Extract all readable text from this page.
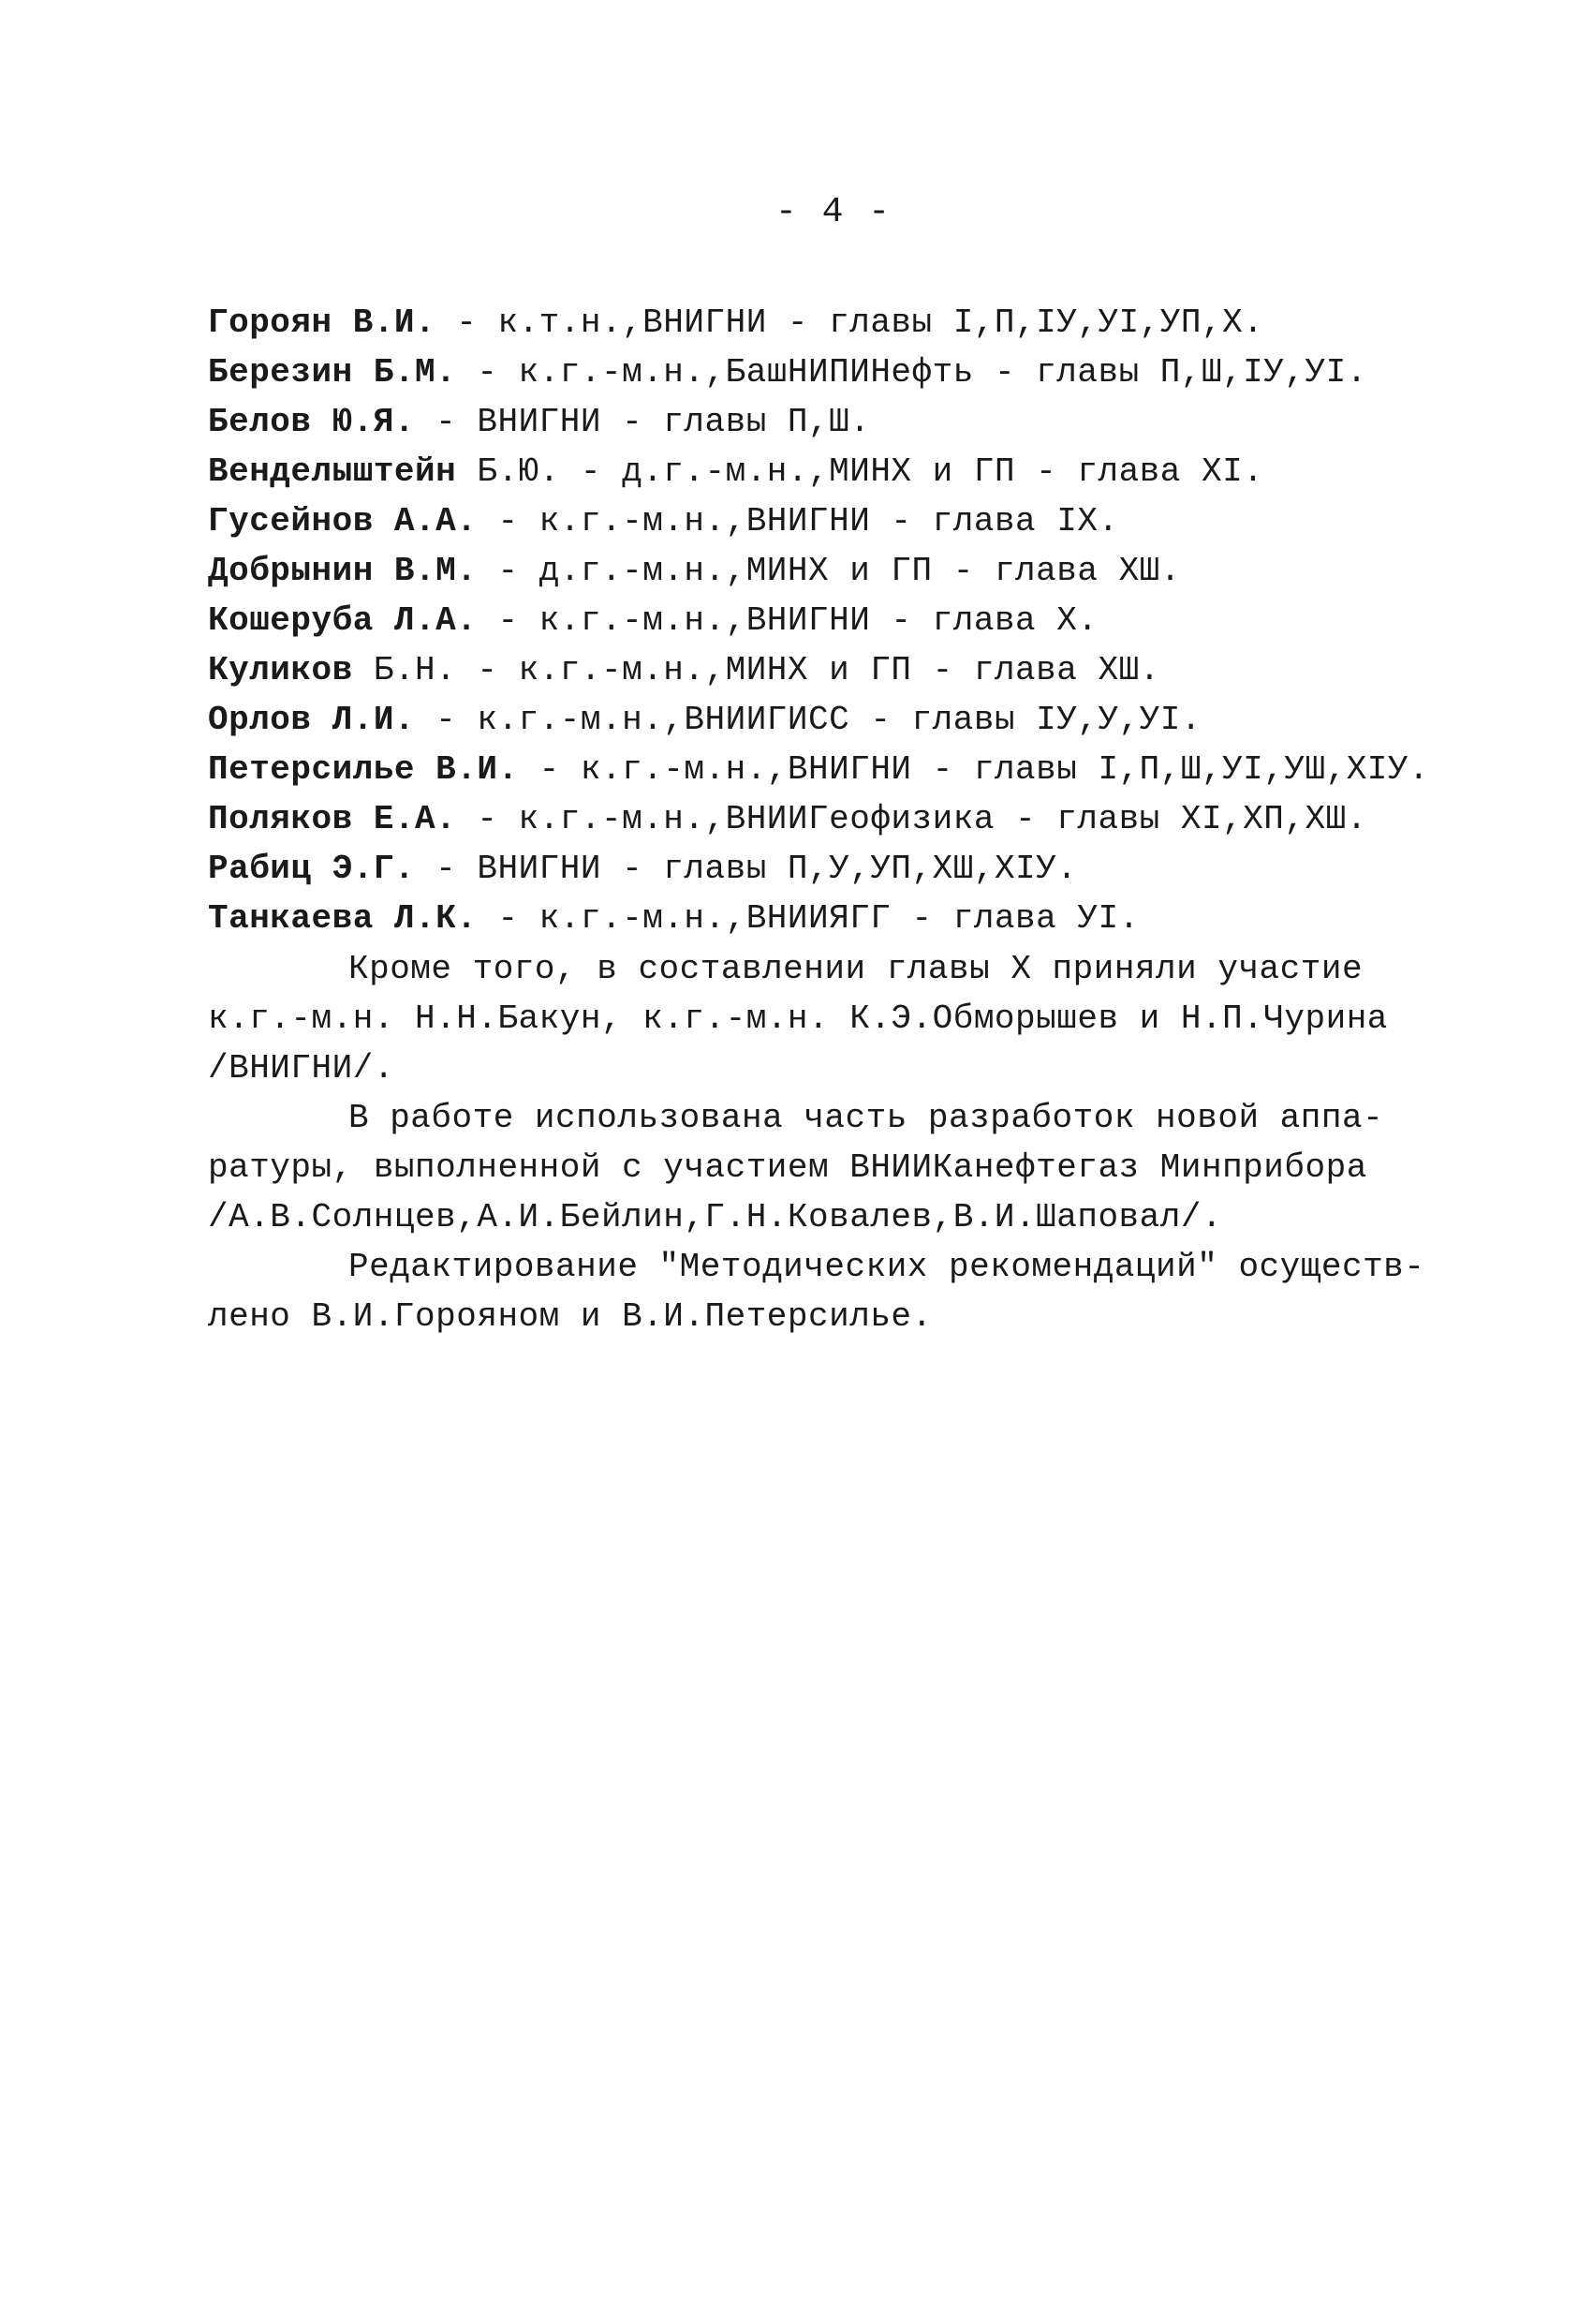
- 4 -
Гороян В.И. - к.т.н.,ВНИГНИ - главы I,П,IУ,УI,УП,Х.
Березин Б.М. - к.г.-м.н.,БашНИПИНефть - главы П,Ш,IУ,УI.
Белов Ю.Я. - ВНИГНИ - главы П,Ш.
Венделыштейн Б.Ю. - д.г.-м.н.,МИНХ и ГП - глава XI.
Гусейнов А.А. - к.г.-м.н.,ВНИГНИ - глава IX.
Добрынин В.М. - д.г.-м.н.,МИНХ и ГП - глава ХШ.
Кошеруба Л.А. - к.г.-м.н.,ВНИГНИ - глава Х.
Куликов Б.Н. - к.г.-м.н.,МИНХ и ГП - глава ХШ.
Орлов Л.И. - к.г.-м.н.,ВНИИГИСС - главы IУ,У,УI.
Петерсилье В.И. - к.г.-м.н.,ВНИГНИ - главы I,П,Ш,УI,УШ,XIУ.
Поляков Е.А. - к.г.-м.н.,ВНИИГеофизика - главы XI,ХП,ХШ.
Рабиц Э.Г. - ВНИГНИ - главы П,У,УП,ХШ,XIУ.
Танкаева Л.К. - к.г.-м.н.,ВНИИЯГГ - глава УI.
Кроме того, в составлении главы Х приняли участие
к.г.-м.н. Н.Н.Бакун, к.г.-м.н. К.Э.Обморышев и Н.П.Чурина
/ВНИГНИ/.
В работе использована часть разработок новой аппа-
ратуры, выполненной с участием ВНИИКанефтегаз Минприбора
/А.В.Солнцев,А.И.Бейлин,Г.Н.Ковалев,В.И.Шаповал/.
Редактирование "Методических рекомендаций" осуществ-
лено В.И.Горояном и В.И.Петерсилье.
